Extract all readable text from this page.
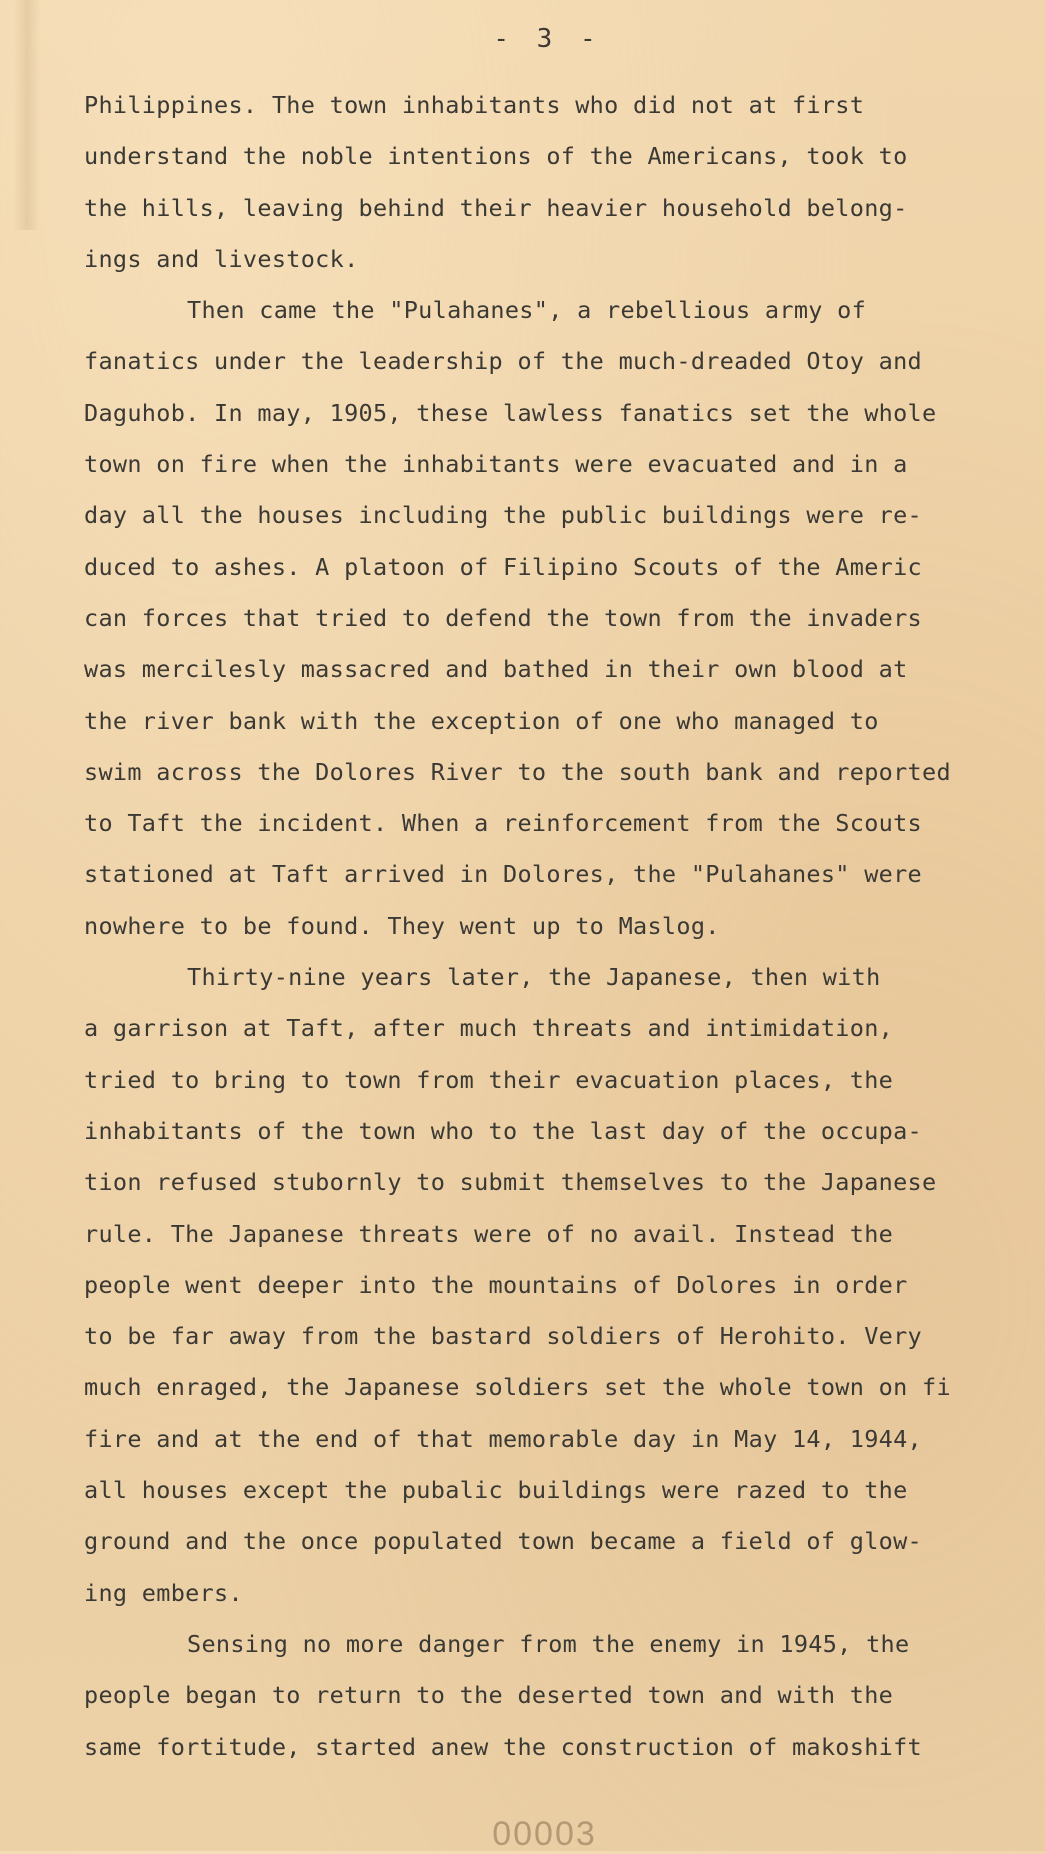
- 3 -
Philippines. The town inhabitants who did not at first
understand the noble intentions of the Americans, took to
the hills, leaving behind their heavier household belong-
ings and livestock.
Then came the "Pulahanes", a rebellious army of
fanatics under the leadership of the much-dreaded Otoy and
Daguhob. In may, 1905, these lawless fanatics set the whole
town on fire when the inhabitants were evacuated and in a
day all the houses including the public buildings were re-
duced to ashes. A platoon of Filipino Scouts of the Americ
can forces that tried to defend the town from the invaders
was mercilesly massacred and bathed in their own blood at
the river bank with the exception of one who managed to
swim across the Dolores River to the south bank and reported
to Taft the incident. When a reinforcement from the Scouts
stationed at Taft arrived in Dolores, the "Pulahanes" were
nowhere to be found. They went up to Maslog.
Thirty-nine years later, the Japanese, then with
a garrison at Taft, after much threats and intimidation,
tried to bring to town from their evacuation places, the
inhabitants of the town who to the last day of the occupa-
tion refused stubornly to submit themselves to the Japanese
rule. The Japanese threats were of no avail. Instead the
people went deeper into the mountains of Dolores in order
to be far away from the bastard soldiers of Herohito. Very
much enraged, the Japanese soldiers set the whole town on fi
fire and at the end of that memorable day in May 14, 1944,
all houses except the pubalic buildings were razed to the
ground and the once populated town became a field of glow-
ing embers.
Sensing no more danger from the enemy in 1945, the
people began to return to the deserted town and with the
same fortitude, started anew the construction of makoshift
00003
